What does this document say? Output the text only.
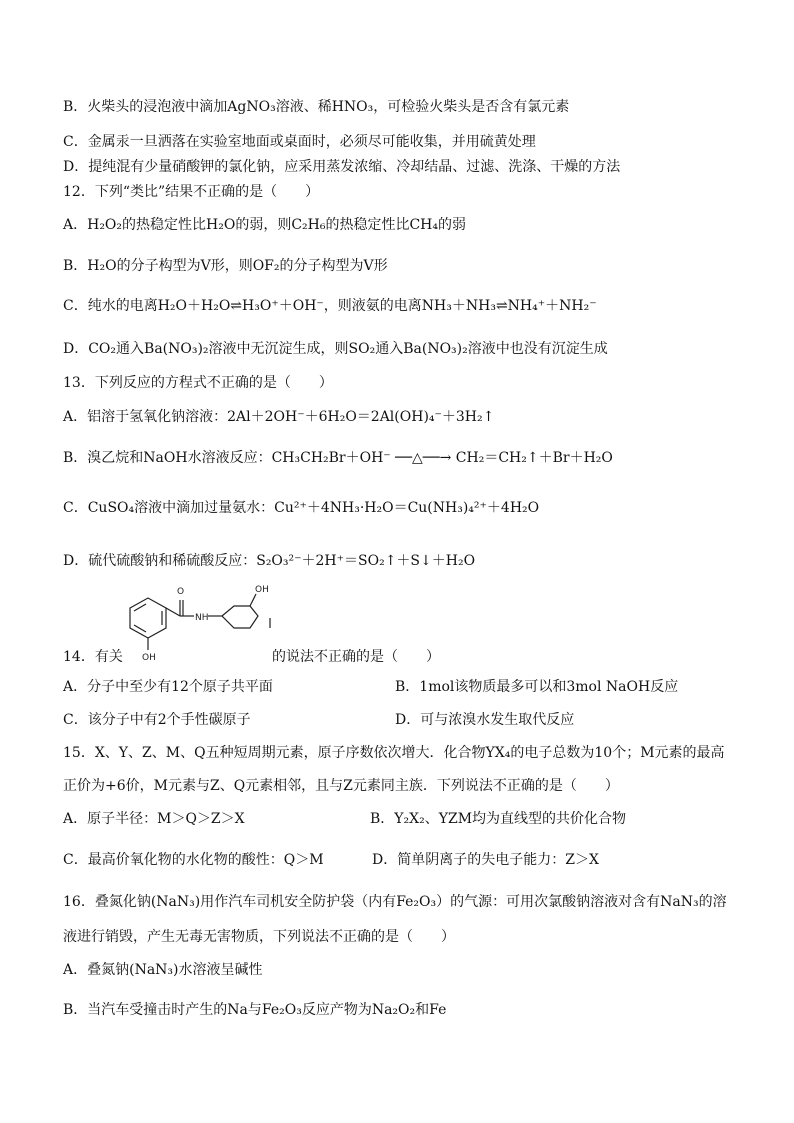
B．火柴头的浸泡液中滴加AgNO₃溶液、稀HNO₃，可检验火柴头是否含有氯元素
C．金属汞一旦洒落在实验室地面或桌面时，必须尽可能收集，并用硫黄处理
D．提纯混有少量硝酸钾的氯化钠，应采用蒸发浓缩、冷却结晶、过滤、洗涤、干燥的方法
12．下列“类比”结果不正确的是（　　）
A．H₂O₂的热稳定性比H₂O的弱，则C₂H₆的热稳定性比CH₄的弱
B．H₂O的分子构型为V形，则OF₂的分子构型为V形
C．纯水的电离H₂O＋H₂O⇌H₃O⁺＋OH⁻，则液氨的电离NH₃＋NH₃⇌NH₄⁺＋NH₂⁻
D．CO₂通入Ba(NO₃)₂溶液中无沉淀生成，则SO₂通入Ba(NO₃)₂溶液中也没有沉淀生成
13．下列反应的方程式不正确的是（　　）
A．铝溶于氢氧化钠溶液：2Al＋2OH⁻＋6H₂O＝2Al(OH)₄⁻＋3H₂↑
B．溴乙烷和NaOH水溶液反应：CH₃CH₂Br＋OH⁻ ──△──→ CH₂＝CH₂↑＋Br＋H₂O
C．CuSO₄溶液中滴加过量氨水：Cu²⁺＋4NH₃·H₂O＝Cu(NH₃)₄²⁺＋4H₂O
D．硫代硫酸钠和稀硫酸反应：S₂O₃²⁻＋2H⁺＝SO₂↑＋S↓＋H₂O
O
NH
OH
OH
14．有关	的说法不正确的是（　　）
A．分子中至少有12个原子共平面	B．1mol该物质最多可以和3mol NaOH反应
C．该分子中有2个手性碳原子	D．可与浓溴水发生取代反应
15．X、Y、Z、M、Q五种短周期元素，原子序数依次增大．化合物YX₄的电子总数为10个；M元素的最高
正价为+6价，M元素与Z、Q元素相邻，且与Z元素同主族．下列说法不正确的是（　　）
A．原子半径：M＞Q＞Z＞X	B．Y₂X₂、YZM均为直线型的共价化合物
C．最高价氧化物的水化物的酸性：Q＞M	D．简单阴离子的失电子能力：Z＞X
16．叠氮化钠(NaN₃)用作汽车司机安全防护袋（内有Fe₂O₃）的气源：可用次氯酸钠溶液对含有NaN₃的溶
液进行销毁，产生无毒无害物质，下列说法不正确的是（　　）
A．叠氮钠(NaN₃)水溶液呈碱性
B．当汽车受撞击时产生的Na与Fe₂O₃反应产物为Na₂O₂和Fe
